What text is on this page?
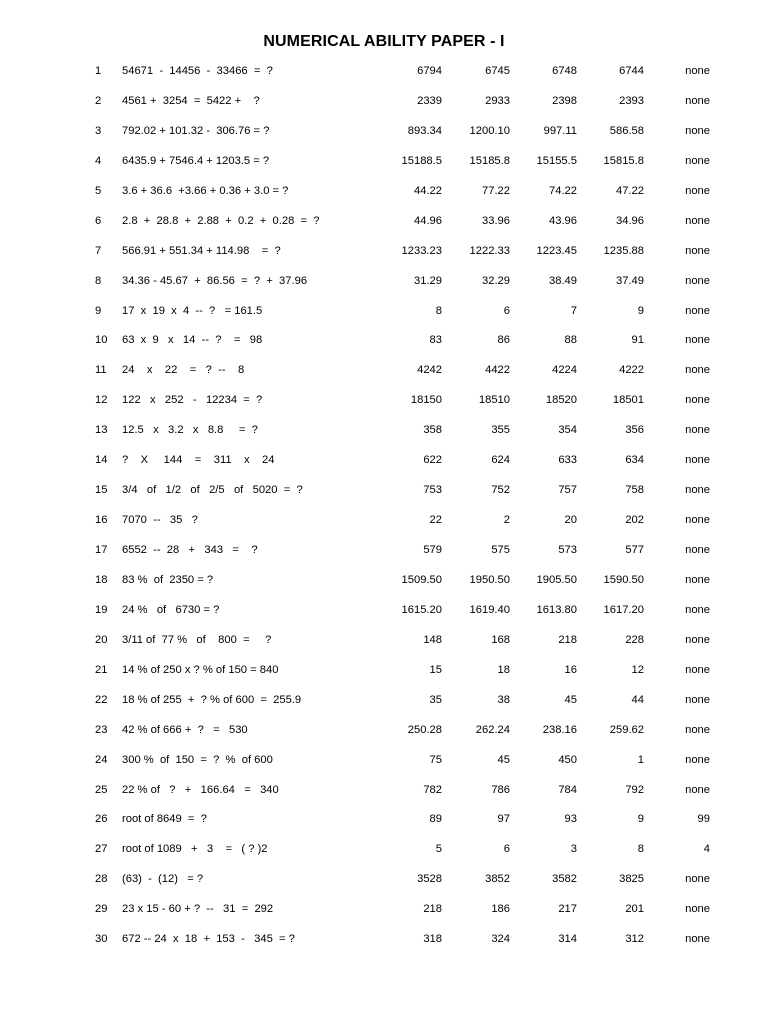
NUMERICAL ABILITY PAPER - I
1 54671  -  14456  -  33466  =  ?	6794	6745	6748	6744	none
2 4561 +  3254  =  5422 +    ?	2339	2933	2398	2393	none
3 792.02 + 101.32 -  306.76 = ?	893.34 1200.10	997.11	586.58	none
4 6435.9 + 7546.4 + 1203.5 = ?	15188.5 15185.8 15155.5 15815.8	none
5 3.6 + 36.6  +3.66 + 0.36 + 3.0 = ?	44.22	77.22	74.22	47.22	none
6 2.8  +  28.8  +  2.88  +  0.2  +  0.28  =  ?	44.96	33.96	43.96	34.96	none
7 566.91 + 551.34 + 114.98    =  ?	1233.23 1222.33 1223.45 1235.88	none
8 34.36 - 45.67  +  86.56  =  ?  +  37.96	31.29	32.29	38.49	37.49	none
9 17  x  19  x  4  --  ?   = 161.5	8	6	7	9	none
10 63  x  9   x   14  --  ?    =   98	83	86	88	91	none
11 24    x    22    =   ?  --    8	4242	4422	4224	4222	none
12 122   x   252   -   12234  =  ?	18150	18510	18520	18501	none
13 12.5   x   3.2   x   8.8     =  ?	358	355	354	356	none
14 ?    X     144    =    311    x    24	622	624	633	634	none
15 3/4   of   1/2   of   2/5   of   5020  =  ?	753	752	757	758	none
16 7070  --   35   ?	22	2	20	202	none
17 6552  --  28   +   343   =    ?	579	575	573	577	none
18 83 %  of  2350 = ?	1509.50 1950.50 1905.50 1590.50	none
19 24 %   of   6730 = ?	1615.20 1619.40 1613.80 1617.20	none
20 3/11 of  77 %   of    800  =     ?	148	168	218	228	none
21 14 % of 250 x ? % of 150 = 840	15	18	16	12	none
22 18 % of 255  +  ? % of 600  =  255.9	35	38	45	44	none
23 42 % of 666 +  ?   =   530	250.28	262.24	238.16	259.62	none
24 300 %  of  150  =  ?  %  of 600	75	45	450	1	none
25 22 % of   ?   +   166.64   =   340	782	786	784	792	none
26 root of 8649  =  ?	89	97	93	9	99
27 root of 1089   +   3    =   ( ? )2	5	6	3	8	4
28 (63)  -  (12)   = ?	3528	3852	3582	3825	none
29 23 x 15 - 60 + ?  --   31  =  292	218	186	217	201	none
30 672 -- 24  x  18  +  153  -   345  = ?	318	324	314	312	none
